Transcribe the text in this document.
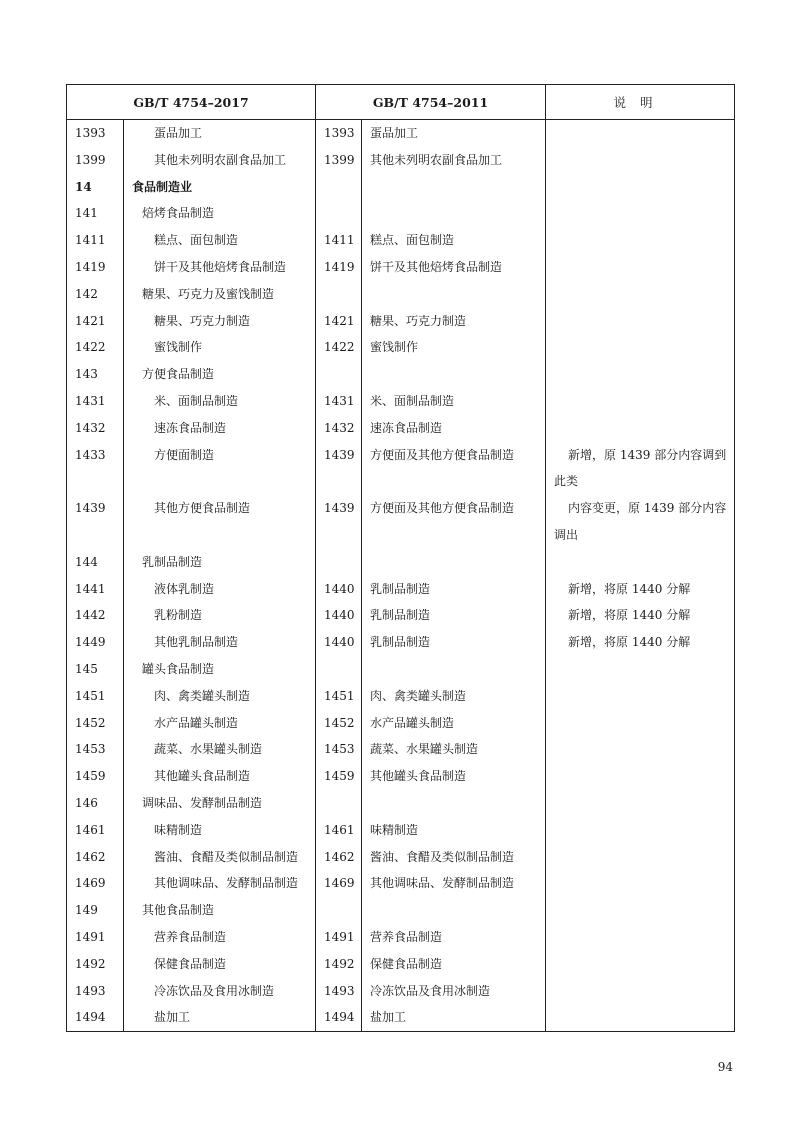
GB/T 4754–2017		GB/T 4754–2011		说明
1393	蛋品加工	1393	蛋品加工	

1399	其他未列明农副食品加工	1399	其他未列明农副食品加工	

14	食品制造业			

141	焙烤食品制造			

1411	糕点、面包制造	1411	糕点、面包制造	

1419	饼干及其他焙烤食品制造	1419	饼干及其他焙烤食品制造	

142	糖果、巧克力及蜜饯制造			

1421	糖果、巧克力制造	1421	糖果、巧克力制造	

1422	蜜饯制作	1422	蜜饯制作	

143	方便食品制造			

1431	米、面制品制造	1431	米、面制品制造	

1432	速冻食品制造	1432	速冻食品制造	

1433	方便面制造	1439	方便面及其他方便食品制造	新增，原 1439 部分内容调到此类

1439	其他方便食品制造	1439	方便面及其他方便食品制造	内容变更，原 1439 部分内容调出

144	乳制品制造			

1441	液体乳制造	1440	乳制品制造	新增，将原 1440 分解

1442	乳粉制造	1440	乳制品制造	新增，将原 1440 分解

1449	其他乳制品制造	1440	乳制品制造	新增，将原 1440 分解

145	罐头食品制造			

1451	肉、禽类罐头制造	1451	肉、禽类罐头制造	

1452	水产品罐头制造	1452	水产品罐头制造	

1453	蔬菜、水果罐头制造	1453	蔬菜、水果罐头制造	

1459	其他罐头食品制造	1459	其他罐头食品制造	

146	调味品、发酵制品制造			

1461	味精制造	1461	味精制造	

1462	酱油、食醋及类似制品制造	1462	酱油、食醋及类似制品制造	

1469	其他调味品、发酵制品制造	1469	其他调味品、发酵制品制造	

149	其他食品制造			

1491	营养食品制造	1491	营养食品制造	

1492	保健食品制造	1492	保健食品制造	

1493	冷冻饮品及食用冰制造	1493	冷冻饮品及食用冰制造	

1494	盐加工	1494	盐加工	
94
